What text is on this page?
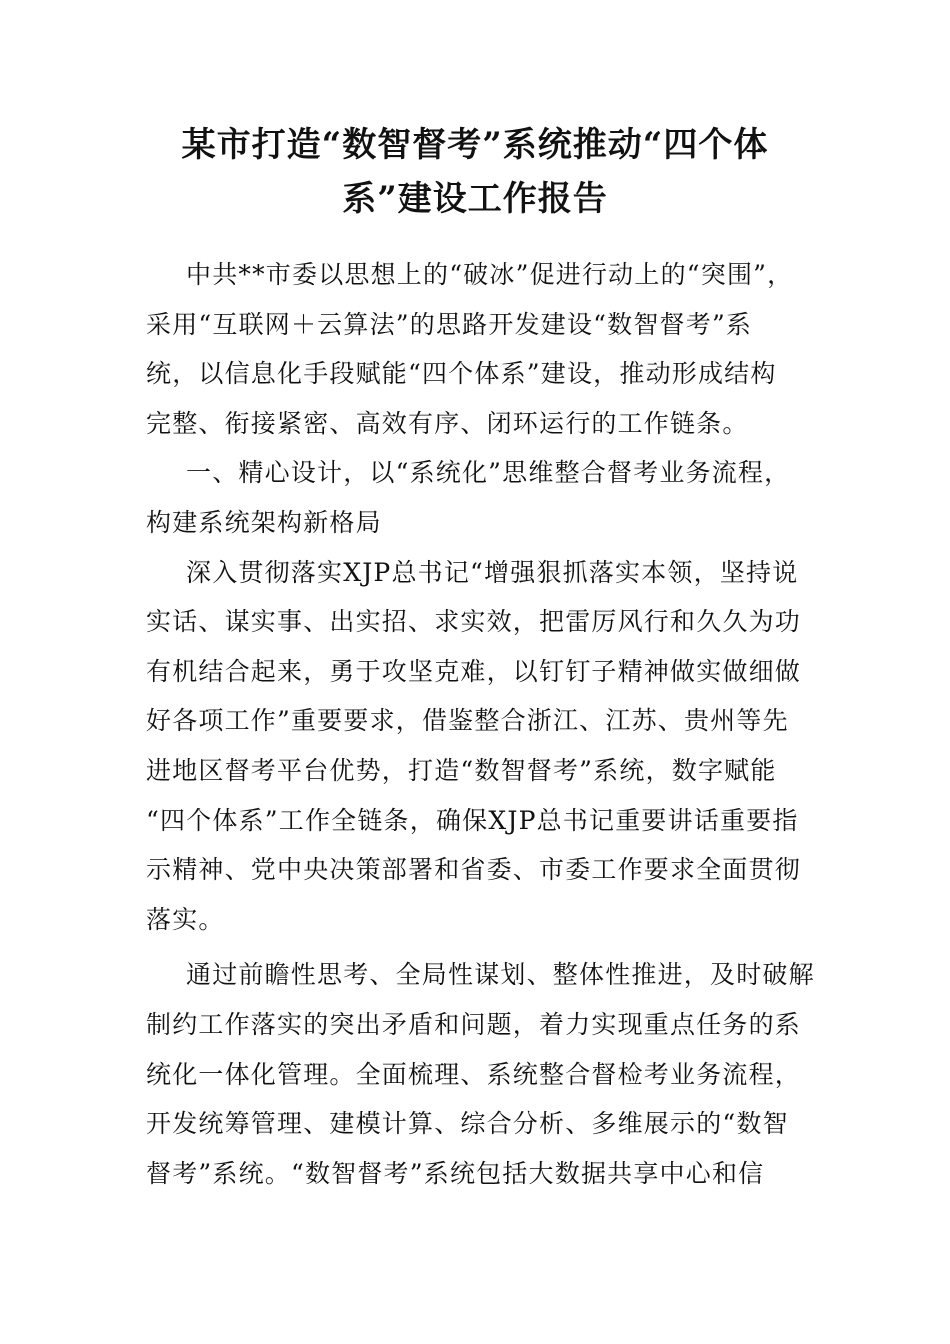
某市打造“数智督考”系统推动“四个体
系”建设工作报告

中共**市委以思想上的“破冰”促进行动上的“突围”，
采用“互联网＋云算法”的思路开发建设“数智督考”系
统，以信息化手段赋能“四个体系”建设，推动形成结构
完整、衔接紧密、高效有序、闭环运行的工作链条。

一、精心设计，以“系统化”思维整合督考业务流程，
构建系统架构新格局

深入贯彻落实XJP总书记“增强狠抓落实本领，坚持说
实话、谋实事、出实招、求实效，把雷厉风行和久久为功
有机结合起来，勇于攻坚克难，以钉钉子精神做实做细做
好各项工作”重要要求，借鉴整合浙江、江苏、贵州等先
进地区督考平台优势，打造“数智督考”系统，数字赋能
“四个体系”工作全链条，确保XJP总书记重要讲话重要指
示精神、党中央决策部署和省委、市委工作要求全面贯彻
落实。

通过前瞻性思考、全局性谋划、整体性推进，及时破解
制约工作落实的突出矛盾和问题，着力实现重点任务的系
统化一体化管理。全面梳理、系统整合督检考业务流程，
开发统筹管理、建模计算、综合分析、多维展示的“数智
督考”系统。“数智督考”系统包括大数据共享中心和信
